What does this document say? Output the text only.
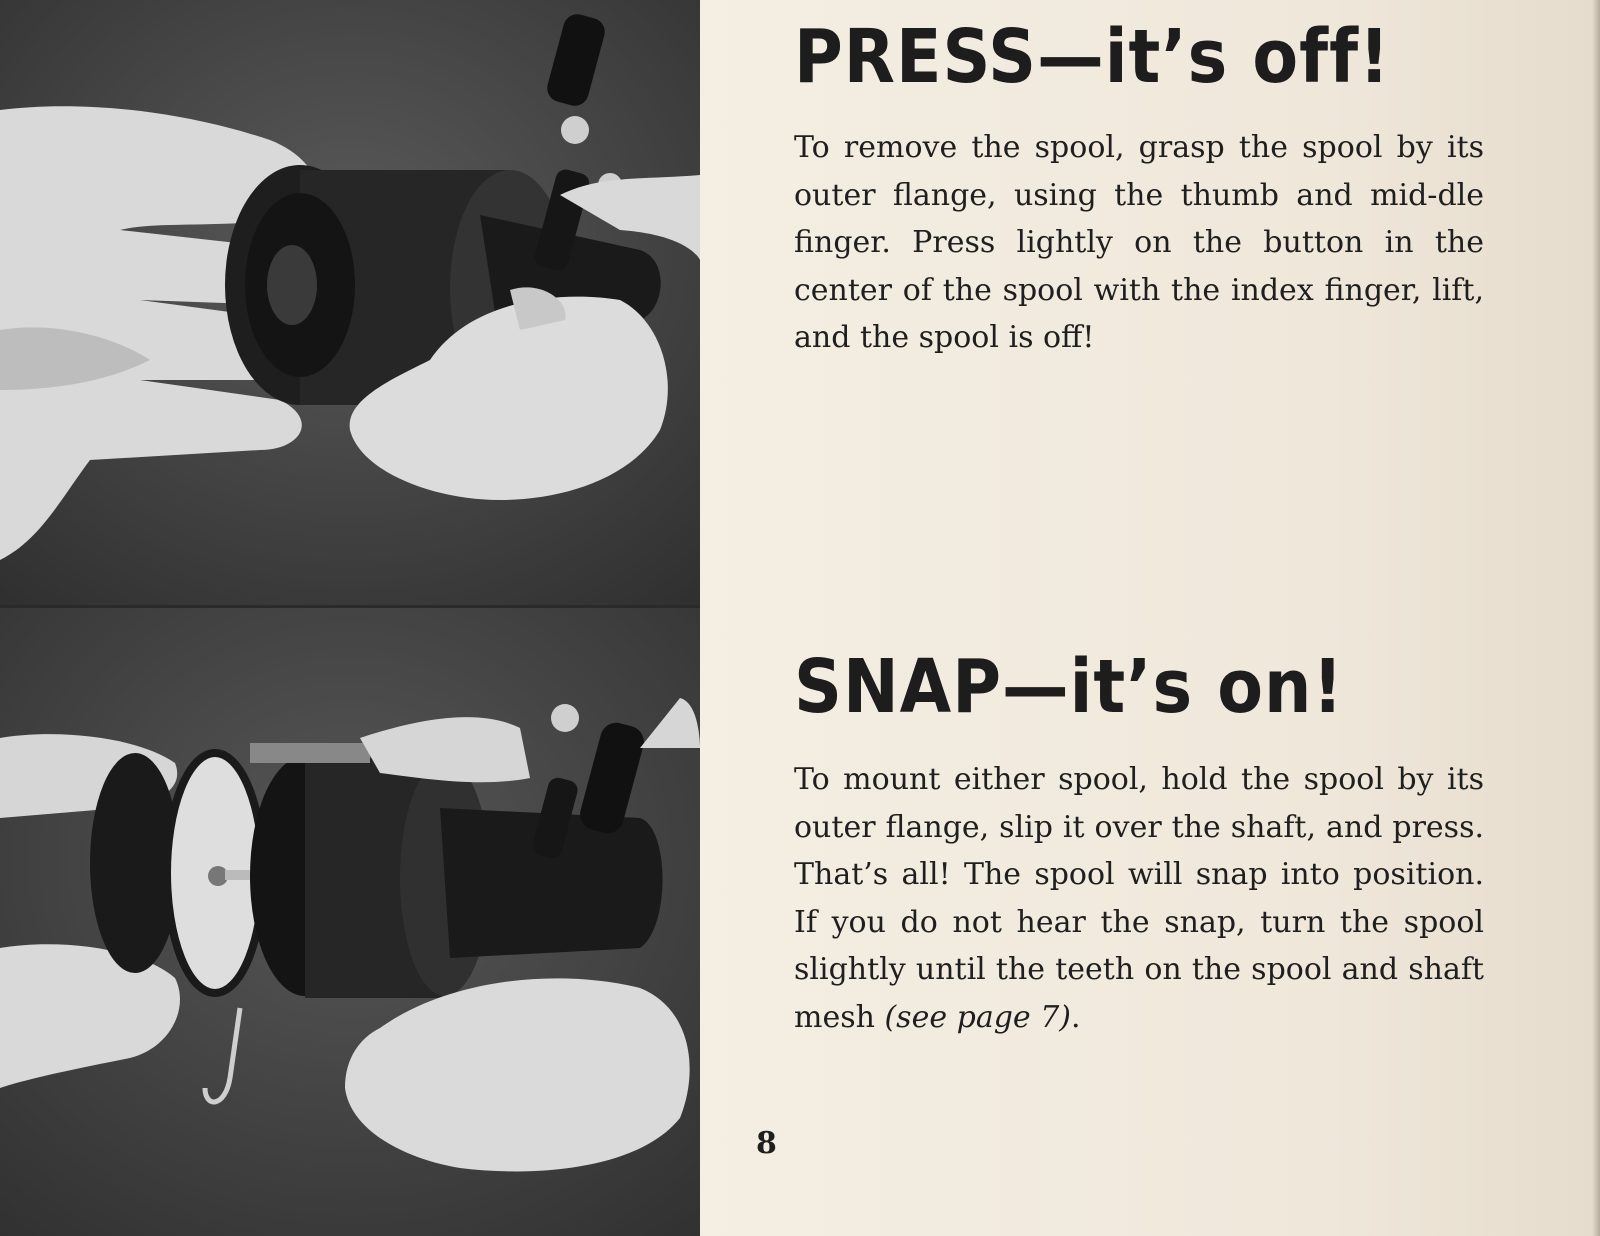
PRESS—it’s off!

To remove the spool, grasp the spool by its outer flange, using the thumb and mid-dle finger. Press lightly on the button in the center of the spool with the index finger, lift, and the spool is off!

SNAP—it’s on!

To mount either spool, hold the spool by its outer flange, slip it over the shaft, and press. That’s all! The spool will snap into position. If you do not hear the snap, turn the spool slightly until the teeth on the spool and shaft mesh (see page 7).

8
